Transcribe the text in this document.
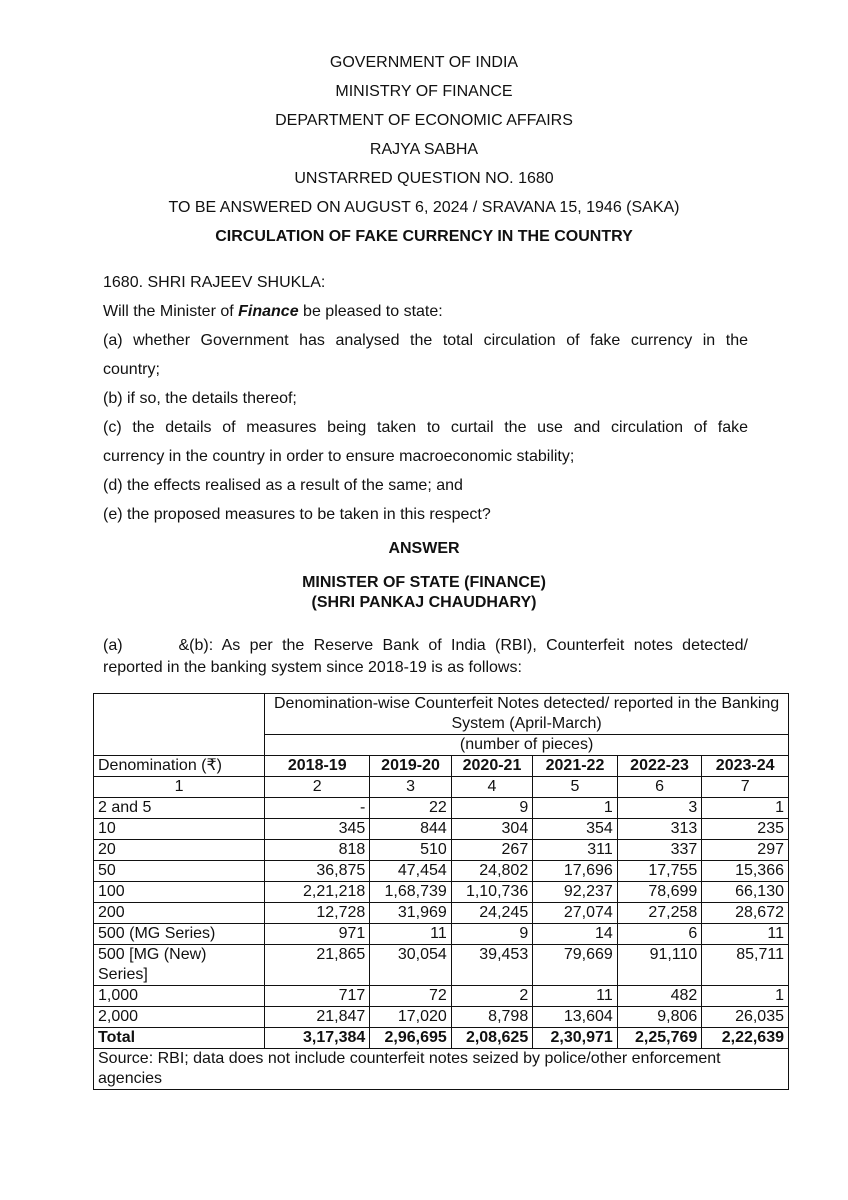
GOVERNMENT OF INDIA
MINISTRY OF FINANCE
DEPARTMENT OF ECONOMIC AFFAIRS
RAJYA SABHA
UNSTARRED QUESTION NO. 1680
TO BE ANSWERED ON AUGUST 6, 2024 / SRAVANA 15, 1946 (SAKA)
CIRCULATION OF FAKE CURRENCY IN THE COUNTRY
1680. SHRI RAJEEV SHUKLA:
Will the Minister of Finance be pleased to state:
(a) whether Government has analysed the total circulation of fake currency in the
country;
(b) if so, the details thereof;
(c) the details of measures being taken to curtail the use and circulation of fake
currency in the country in order to ensure macroeconomic stability;
(d) the effects realised as a result of the same; and
(e) the proposed measures to be taken in this respect?
ANSWER
MINISTER OF STATE (FINANCE)
(SHRI PANKAJ CHAUDHARY)
(a)      &(b): As per the Reserve Bank of India (RBI), Counterfeit notes detected/
reported in the banking system since 2018-19 is as follows:
	Denomination-wise Counterfeit Notes detected/ reported in the Banking System (April-March)					
	(number of pieces)					
Denomination (₹)	2018-19	2019-20	2020-21	2021-22	2022-23	2023-24
1	2	3	4	5	6	7
2 and 5	-	22	9	1	3	1
10	345	844	304	354	313	235
20	818	510	267	311	337	297
50	36,875	47,454	24,802	17,696	17,755	15,366
100	2,21,218	1,68,739	1,10,736	92,237	78,699	66,130
200	12,728	31,969	24,245	27,074	27,258	28,672
500 (MG Series)	971	11	9	14	6	11
500 [MG (New) Series]	21,865	30,054	39,453	79,669	91,110	85,711
1,000	717	72	2	11	482	1
2,000	21,847	17,020	8,798	13,604	9,806	26,035
Total	3,17,384	2,96,695	2,08,625	2,30,971	2,25,769	2,22,639
Source: RBI; data does not include counterfeit notes seized by police/other enforcement agencies						
